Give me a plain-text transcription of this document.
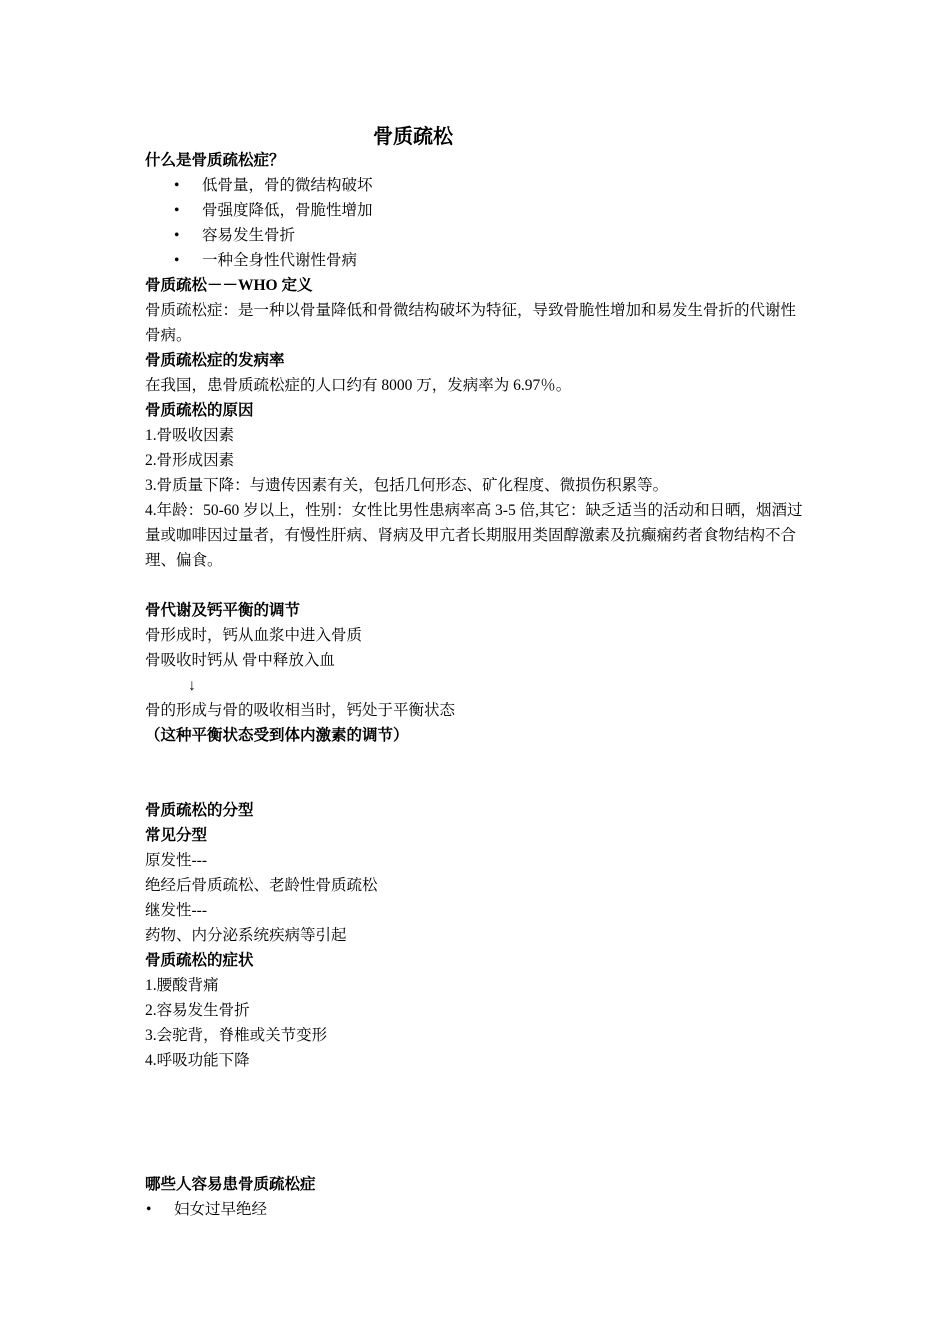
骨质疏松
什么是骨质疏松症？
• 低骨量，骨的微结构破坏
• 骨强度降低，骨脆性增加
• 容易发生骨折
• 一种全身性代谢性骨病
骨质疏松－－WHO 定义
骨质疏松症：是一种以骨量降低和骨微结构破坏为特征，导致骨脆性增加和易发生骨折的代谢性骨病。
骨质疏松症的发病率
在我国，患骨质疏松症的人口约有 8000 万，发病率为 6.97％。
骨质疏松的原因
1.骨吸收因素
2.骨形成因素
3.骨质量下降：与遗传因素有关，包括几何形态、矿化程度、微损伤积累等。
4.年龄：50-60 岁以上，性别：女性比男性患病率高 3-5 倍,其它：缺乏适当的活动和日晒，烟酒过量或咖啡因过量者，有慢性肝病、肾病及甲亢者长期服用类固醇激素及抗癫痫药者食物结构不合理、偏食。
骨代谢及钙平衡的调节
骨形成时，钙从血浆中进入骨质
骨吸收时钙从 骨中释放入血
↓
骨的形成与骨的吸收相当时，钙处于平衡状态
（这种平衡状态受到体内激素的调节）
骨质疏松的分型
常见分型
原发性---
绝经后骨质疏松、老龄性骨质疏松
继发性---
药物、内分泌系统疾病等引起
骨质疏松的症状
1.腰酸背痛
2.容易发生骨折
3.会驼背，脊椎或关节变形
4.呼吸功能下降
哪些人容易患骨质疏松症
• 妇女过早绝经
